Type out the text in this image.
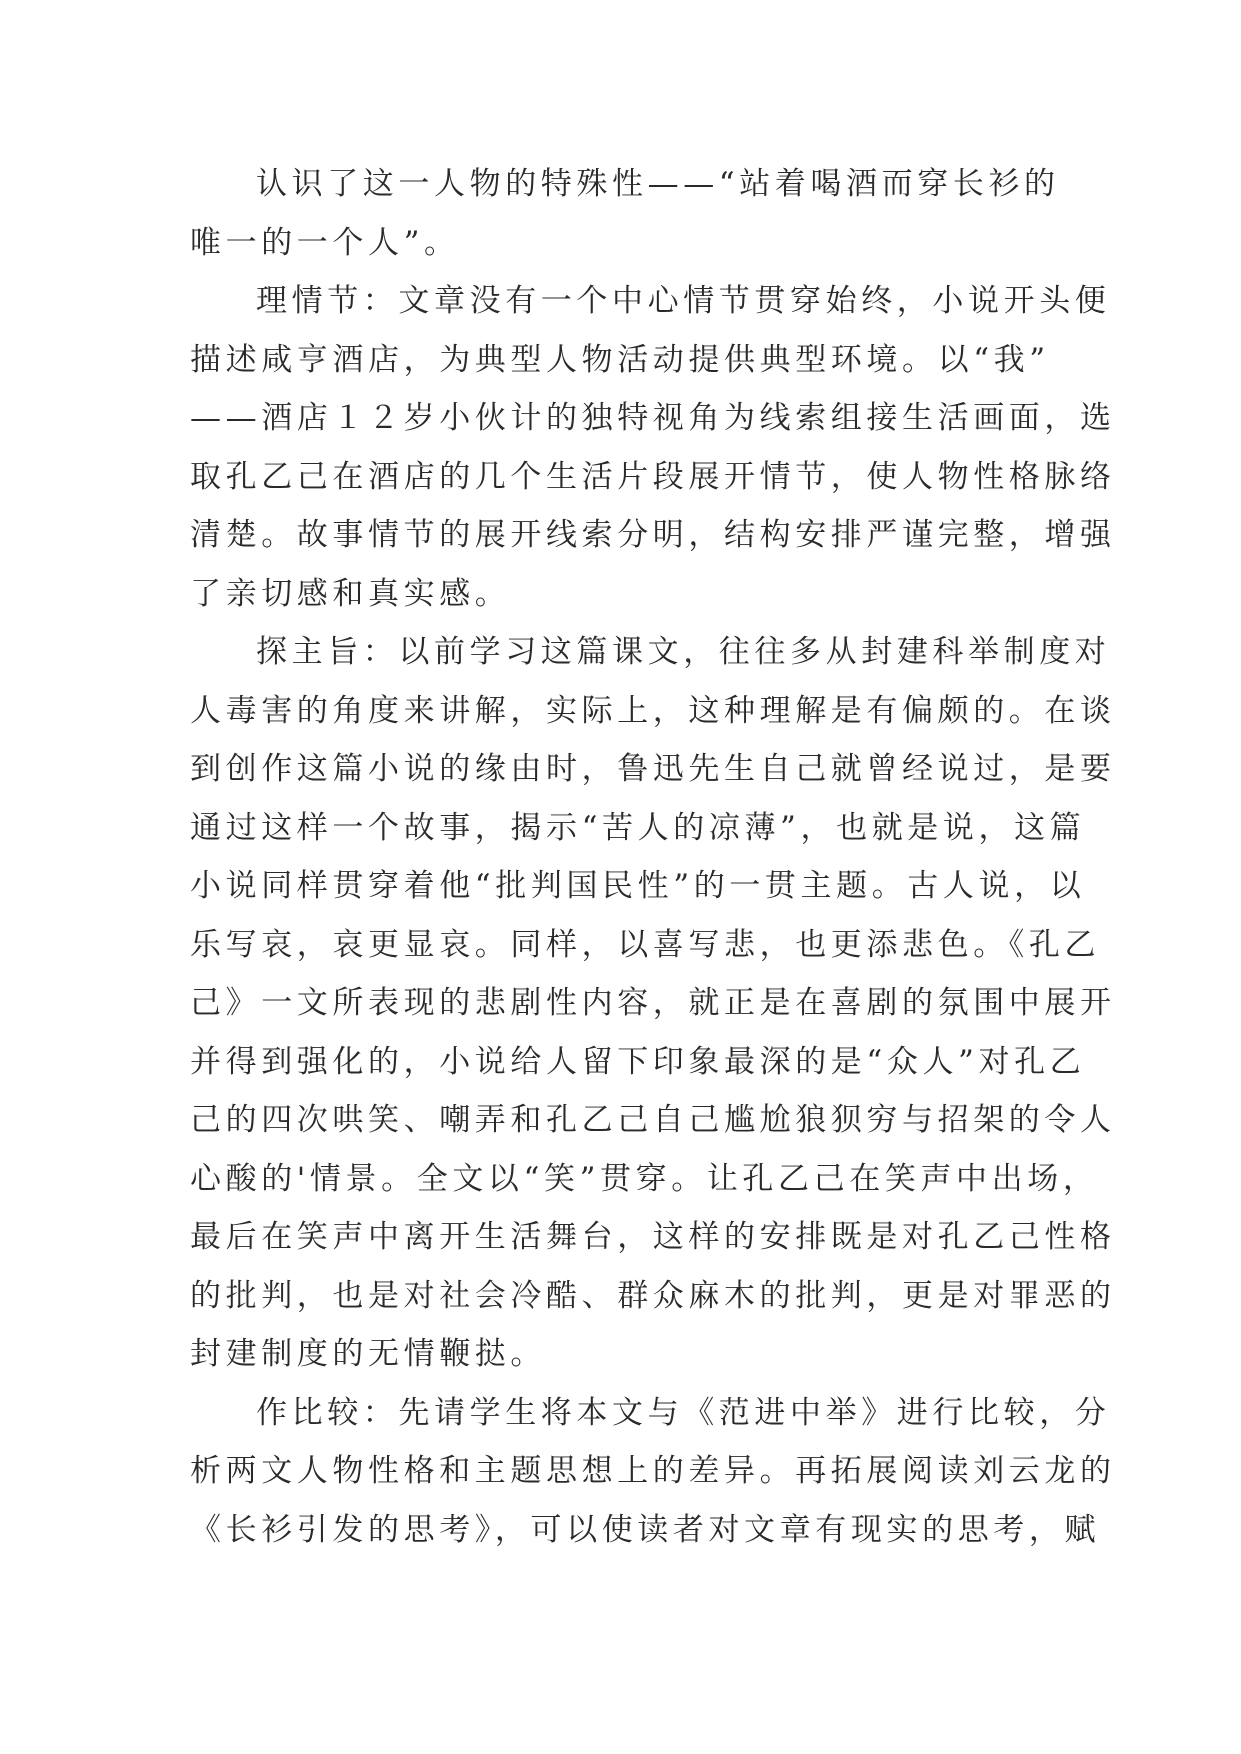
认识了这一人物的特殊性——“站着喝酒而穿长衫的
唯一的一个人”。
理情节：文章没有一个中心情节贯穿始终，小说开头便
描述咸亨酒店，为典型人物活动提供典型环境。以“我”
——酒店１２岁小伙计的独特视角为线索组接生活画面，选
取孔乙己在酒店的几个生活片段展开情节，使人物性格脉络
清楚。故事情节的展开线索分明，结构安排严谨完整，增强
了亲切感和真实感。
探主旨：以前学习这篇课文，往往多从封建科举制度对
人毒害的角度来讲解，实际上，这种理解是有偏颇的。在谈
到创作这篇小说的缘由时，鲁迅先生自己就曾经说过，是要
通过这样一个故事，揭示“苦人的凉薄”，也就是说，这篇
小说同样贯穿着他“批判国民性”的一贯主题。古人说，以
乐写哀，哀更显哀。同样，以喜写悲，也更添悲色。《孔乙
己》一文所表现的悲剧性内容，就正是在喜剧的氛围中展开
并得到强化的，小说给人留下印象最深的是“众人”对孔乙
己的四次哄笑、嘲弄和孔乙己自己尴尬狼狈穷与招架的令人
心酸的'情景。全文以“笑”贯穿。让孔乙己在笑声中出场，
最后在笑声中离开生活舞台，这样的安排既是对孔乙己性格
的批判，也是对社会冷酷、群众麻木的批判，更是对罪恶的
封建制度的无情鞭挞。
作比较：先请学生将本文与《范进中举》进行比较，分
析两文人物性格和主题思想上的差异。再拓展阅读刘云龙的
《长衫引发的思考》，可以使读者对文章有现实的思考，赋
